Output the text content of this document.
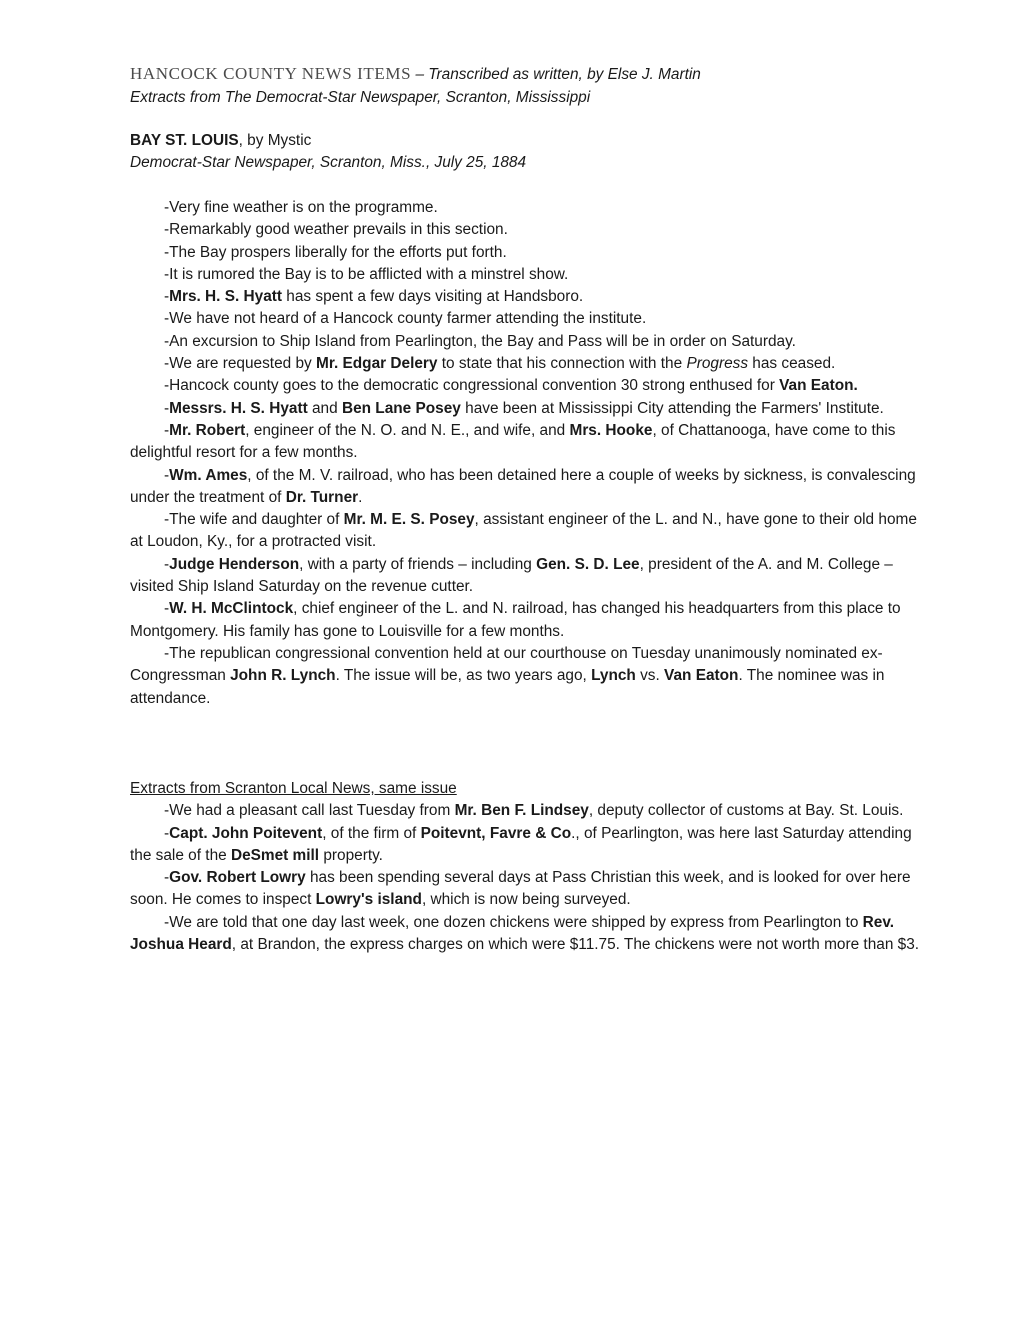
HANCOCK COUNTY NEWS ITEMS – Transcribed as written, by Else J. Martin
Extracts from The Democrat-Star Newspaper, Scranton, Mississippi
BAY ST. LOUIS, by Mystic
Democrat-Star Newspaper, Scranton, Miss., July 25, 1884

-Very fine weather is on the programme.

-Remarkably good weather prevails in this section.

-The Bay prospers liberally for the efforts put forth.

-It is rumored the Bay is to be afflicted with a minstrel show.

-Mrs. H. S. Hyatt has spent a few days visiting at Handsboro.

-We have not heard of a Hancock county farmer attending the institute.

-An excursion to Ship Island from Pearlington, the Bay and Pass will be in order on Saturday.

-We are requested by Mr. Edgar Delery to state that his connection with the Progress has ceased.

-Hancock county goes to the democratic congressional convention 30 strong enthused for Van Eaton.

-Messrs. H. S. Hyatt and Ben Lane Posey have been at Mississippi City attending the Farmers' Institute.

-Mr. Robert, engineer of the N. O. and N. E., and wife, and Mrs. Hooke, of Chattanooga, have come to this delightful resort for a few months.

-Wm. Ames, of the M. V. railroad, who has been detained here a couple of weeks by sickness, is convalescing under the treatment of Dr. Turner.

-The wife and daughter of Mr. M. E. S. Posey, assistant engineer of the L. and N., have gone to their old home at Loudon, Ky., for a protracted visit.

-Judge Henderson, with a party of friends – including Gen. S. D. Lee, president of the A. and M. College – visited Ship Island Saturday on the revenue cutter.

-W. H. McClintock, chief engineer of the L. and N. railroad, has changed his headquarters from this place to Montgomery. His family has gone to Louisville for a few months.

-The republican congressional convention held at our courthouse on Tuesday unanimously nominated ex-Congressman John R. Lynch. The issue will be, as two years ago, Lynch vs. Van Eaton. The nominee was in attendance.

Extracts from Scranton Local News, same issue

-We had a pleasant call last Tuesday from Mr. Ben F. Lindsey, deputy collector of customs at Bay. St. Louis.

-Capt. John Poitevent, of the firm of Poitevnt, Favre & Co., of Pearlington, was here last Saturday attending the sale of the DeSmet mill property.

-Gov. Robert Lowry has been spending several days at Pass Christian this week, and is looked for over here soon. He comes to inspect Lowry's island, which is now being surveyed.

-We are told that one day last week, one dozen chickens were shipped by express from Pearlington to Rev. Joshua Heard, at Brandon, the express charges on which were $11.75. The chickens were not worth more than $3.
